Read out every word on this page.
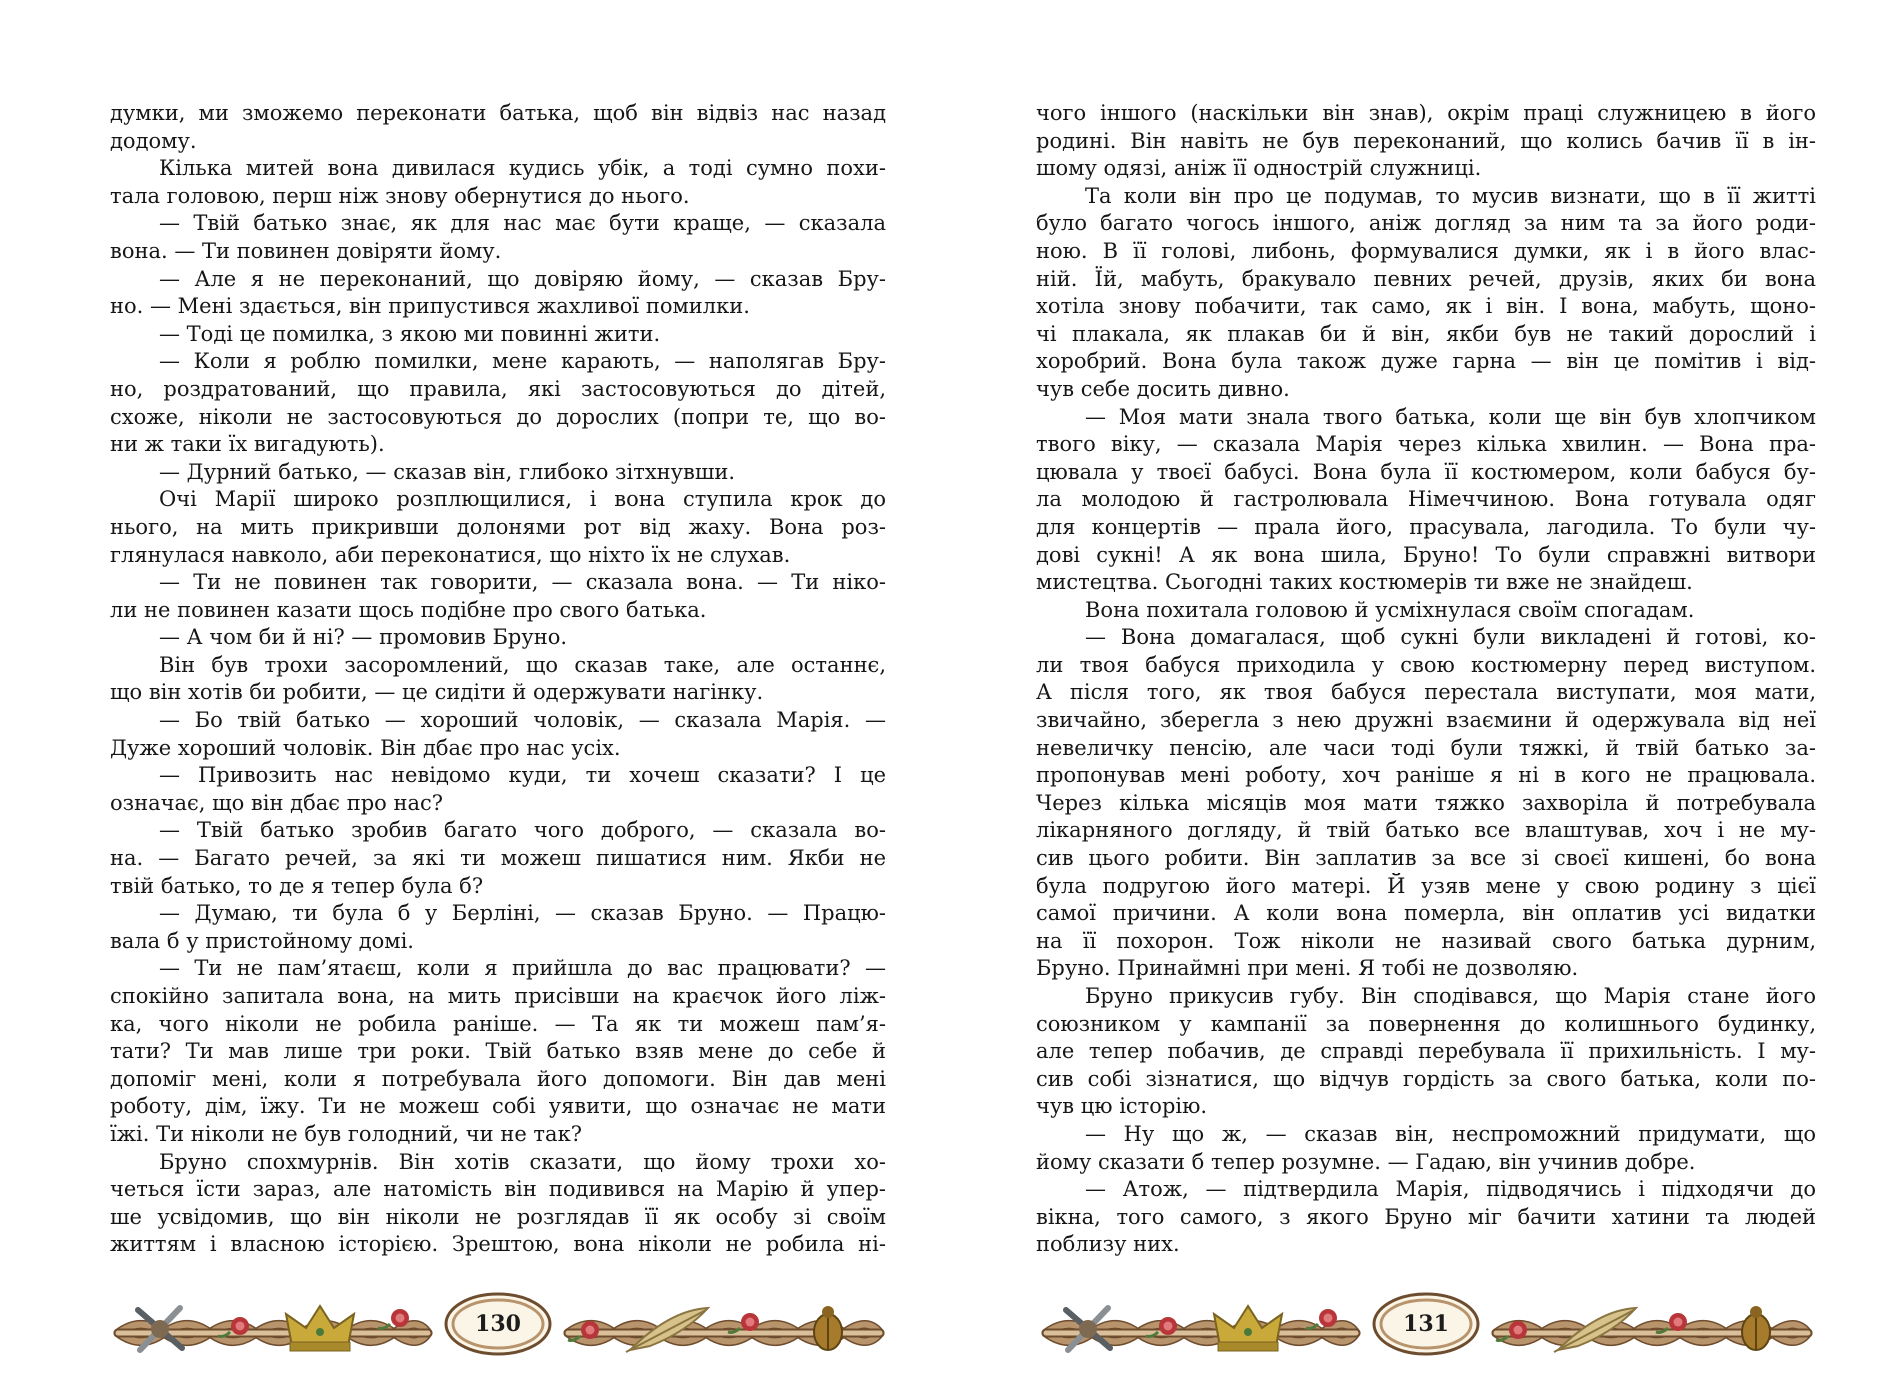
думки, ми зможемо переконати батька, щоб він відвіз нас назад
додому.
Кілька митей вона дивилася кудись убік, а тоді сумно похи-
тала головою, перш ніж знову обернутися до нього.
— Твій батько знає, як для нас має бути краще, — сказала
вона. — Ти повинен довіряти йому.
— Але я не переконаний, що довіряю йому, — сказав Бру-
но. — Мені здається, він припустився жахливої помилки.
— Тоді це помилка, з якою ми повинні жити.
— Коли я роблю помилки, мене карають, — наполягав Бру-
но, роздратований, що правила, які застосовуються до дітей,
схоже, ніколи не застосовуються до дорослих (попри те, що во-
ни ж таки їх вигадують).
— Дурний батько, — сказав він, глибоко зітхнувши.
Очі Марії широко розплющилися, і вона ступила крок до
нього, на мить прикривши долонями рот від жаху. Вона роз-
глянулася навколо, аби переконатися, що ніхто їх не слухав.
— Ти не повинен так говорити, — сказала вона. — Ти ніко-
ли не повинен казати щось подібне про свого батька.
— А чом би й ні? — промовив Бруно.
Він був трохи засоромлений, що сказав таке, але останнє,
що він хотів би робити, — це сидіти й одержувати нагінку.
— Бо твій батько — хороший чоловік, — сказала Марія. —
Дуже хороший чоловік. Він дбає про нас усіх.
— Привозить нас невідомо куди, ти хочеш сказати? І це
означає, що він дбає про нас?
— Твій батько зробив багато чого доброго, — сказала во-
на. — Багато речей, за які ти можеш пишатися ним. Якби не
твій батько, то де я тепер була б?
— Думаю, ти була б у Берліні, — сказав Бруно. — Працю-
вала б у пристойному домі.
— Ти не пам’ятаєш, коли я прийшла до вас працювати? —
спокійно запитала вона, на мить присівши на краєчок його ліж-
ка, чого ніколи не робила раніше. — Та як ти можеш пам’я-
тати? Ти мав лише три роки. Твій батько взяв мене до себе й
допоміг мені, коли я потребувала його допомоги. Він дав мені
роботу, дім, їжу. Ти не можеш собі уявити, що означає не мати
їжі. Ти ніколи не був голодний, чи не так?
Бруно спохмурнів. Він хотів сказати, що йому трохи хо-
четься їсти зараз, але натомість він подивився на Марію й упер-
ше усвідомив, що він ніколи не розглядав її як особу зі своїм
життям і власною історією. Зрештою, вона ніколи не робила ні-
130
чого іншого (наскільки він знав), окрім праці служницею в його
родині. Він навіть не був переконаний, що колись бачив її в ін-
шому одязі, аніж її однострій служниці.
Та коли він про це подумав, то мусив визнати, що в її житті
було багато чогось іншого, аніж догляд за ним та за його роди-
ною. В її голові, либонь, формувалися думки, як і в його влас-
ній. Їй, мабуть, бракувало певних речей, друзів, яких би вона
хотіла знову побачити, так само, як і він. І вона, мабуть, щоно-
чі плакала, як плакав би й він, якби був не такий дорослий і
хоробрий. Вона була також дуже гарна — він це помітив і від-
чув себе досить дивно.
— Моя мати знала твого батька, коли ще він був хлопчиком
твого віку, — сказала Марія через кілька хвилин. — Вона пра-
цювала у твоєї бабусі. Вона була її костюмером, коли бабуся бу-
ла молодою й гастролювала Німеччиною. Вона готувала одяг
для концертів — прала його, прасувала, лагодила. То були чу-
дові сукні! А як вона шила, Бруно! То були справжні витвори
мистецтва. Сьогодні таких костюмерів ти вже не знайдеш.
Вона похитала головою й усміхнулася своїм спогадам.
— Вона домагалася, щоб сукні були викладені й готові, ко-
ли твоя бабуся приходила у свою костюмерну перед виступом.
А після того, як твоя бабуся перестала виступати, моя мати,
звичайно, зберегла з нею дружні взаємини й одержувала від неї
невеличку пенсію, але часи тоді були тяжкі, й твій батько за-
пропонував мені роботу, хоч раніше я ні в кого не працювала.
Через кілька місяців моя мати тяжко захворіла й потребувала
лікарняного догляду, й твій батько все влаштував, хоч і не му-
сив цього робити. Він заплатив за все зі своєї кишені, бо вона
була подругою його матері. Й узяв мене у свою родину з цієї
самої причини. А коли вона померла, він оплатив усі видатки
на її похорон. Тож ніколи не називай свого батька дурним,
Бруно. Принаймні при мені. Я тобі не дозволяю.
Бруно прикусив губу. Він сподівався, що Марія стане його
союзником у кампанії за повернення до колишнього будинку,
але тепер побачив, де справді перебувала її прихильність. І му-
сив собі зізнатися, що відчув гордість за свого батька, коли по-
чув цю історію.
— Ну що ж, — сказав він, неспроможний придумати, що
йому сказати б тепер розумне. — Гадаю, він учинив добре.
— Атож, — підтвердила Марія, підводячись і підходячи до
вікна, того самого, з якого Бруно міг бачити хатини та людей
поблизу них.
131
